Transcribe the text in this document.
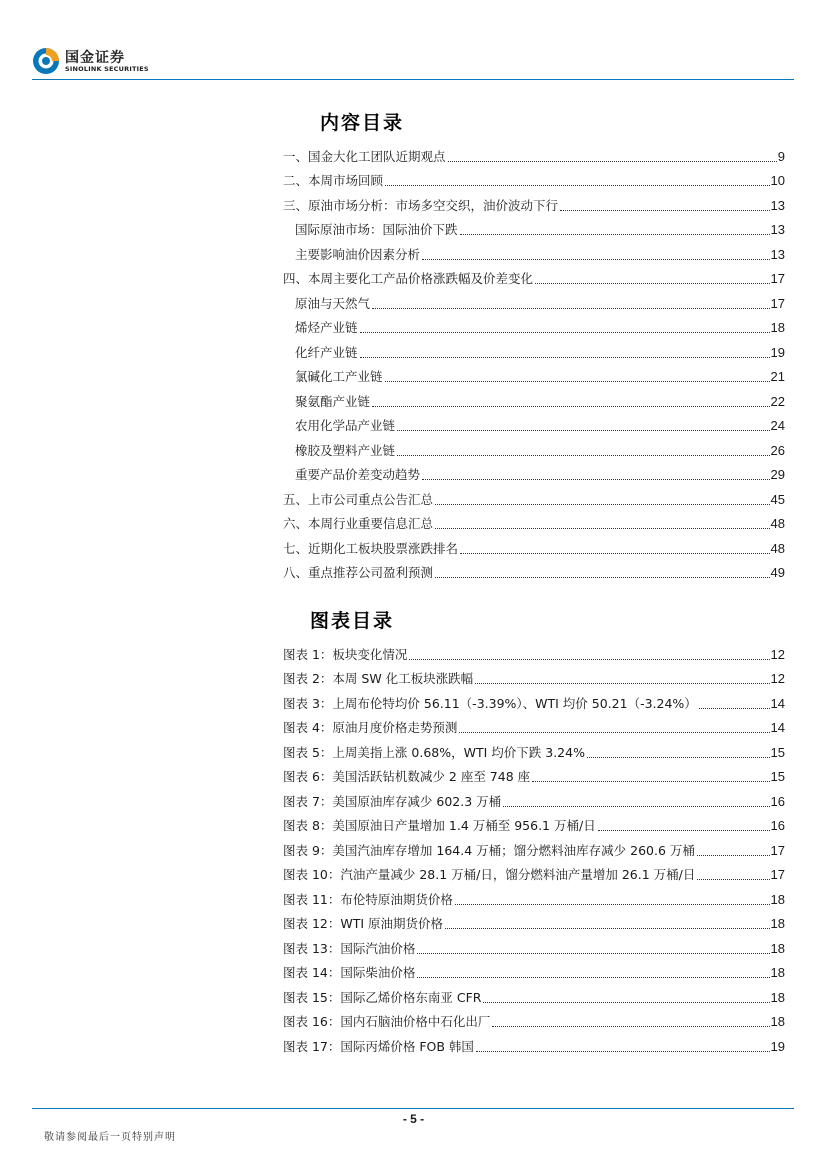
国金证券
SINOLINK SECURITIES
内容目录
一、国金大化工团队近期观点	9
二、本周市场回顾	10
三、原油市场分析：市场多空交织，油价波动下行	13
国际原油市场：国际油价下跌	13
主要影响油价因素分析	13
四、本周主要化工产品价格涨跌幅及价差变化	17
原油与天然气	17
烯烃产业链	18
化纤产业链	19
氯碱化工产业链	21
聚氨酯产业链	22
农用化学品产业链	24
橡胶及塑料产业链	26
重要产品价差变动趋势	29
五、上市公司重点公告汇总	45
六、本周行业重要信息汇总	48
七、近期化工板块股票涨跌排名	48
八、重点推荐公司盈利预测	49
图表目录
图表 1：板块变化情况	12
图表 2：本周 SW 化工板块涨跌幅	12
图表 3：上周布伦特均价 56.11（-3.39%）、WTI 均价 50.21（-3.24%）	14
图表 4：原油月度价格走势预测	14
图表 5：上周美指上涨 0.68%，WTI 均价下跌 3.24%	15
图表 6：美国活跃钻机数减少 2 座至 748 座	15
图表 7：美国原油库存减少 602.3 万桶	16
图表 8：美国原油日产量增加 1.4 万桶至 956.1 万桶/日	16
图表 9：美国汽油库存增加 164.4 万桶；馏分燃料油库存减少 260.6 万桶	17
图表 10：汽油产量减少 28.1 万桶/日，馏分燃料油产量增加 26.1 万桶/日	17
图表 11：布伦特原油期货价格	18
图表 12：WTI 原油期货价格	18
图表 13：国际汽油价格	18
图表 14：国际柴油价格	18
图表 15：国际乙烯价格东南亚 CFR	18
图表 16：国内石脑油价格中石化出厂	18
图表 17：国际丙烯价格 FOB 韩国	19
- 5 -
敬请参阅最后一页特别声明
